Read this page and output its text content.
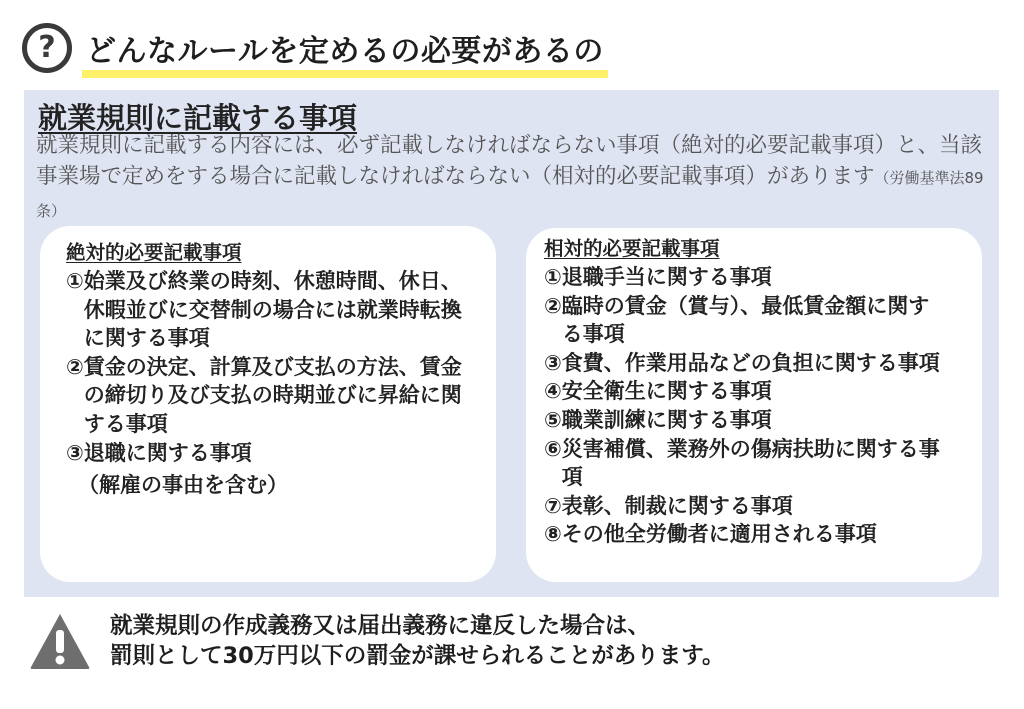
?	どんなルールを定めるの必要があるの
就業規則に記載する事項

就業規則に記載する内容には、必ず記載しなければならない事項（絶対的必要記載事項）と、当該事業場で定めをする場合に記載しなければならない（相対的必要記載事項）があります（労働基準法89条）

絶対的必要記載事項
① 始業及び終業の時刻、休憩時間、休日、休暇並びに交替制の場合には就業時転換に関する事項
② 賃金の決定、計算及び支払の方法、賃金の締切り及び支払の時期並びに昇給に関する事項
③ 退職に関する事項
（解雇の事由を含む）
相対的必要記載事項
① 退職手当に関する事項
② 臨時の賃金（賞与）、最低賃金額に関する事項
③ 食費、作業用品などの負担に関する事項
④ 安全衛生に関する事項
⑤ 職業訓練に関する事項
⑥ 災害補償、業務外の傷病扶助に関する事項
⑦ 表彰、制裁に関する事項
⑧ その他全労働者に適用される事項
就業規則の作成義務又は届出義務に違反した場合は、
罰則として30万円以下の罰金が課せられることがあります。
